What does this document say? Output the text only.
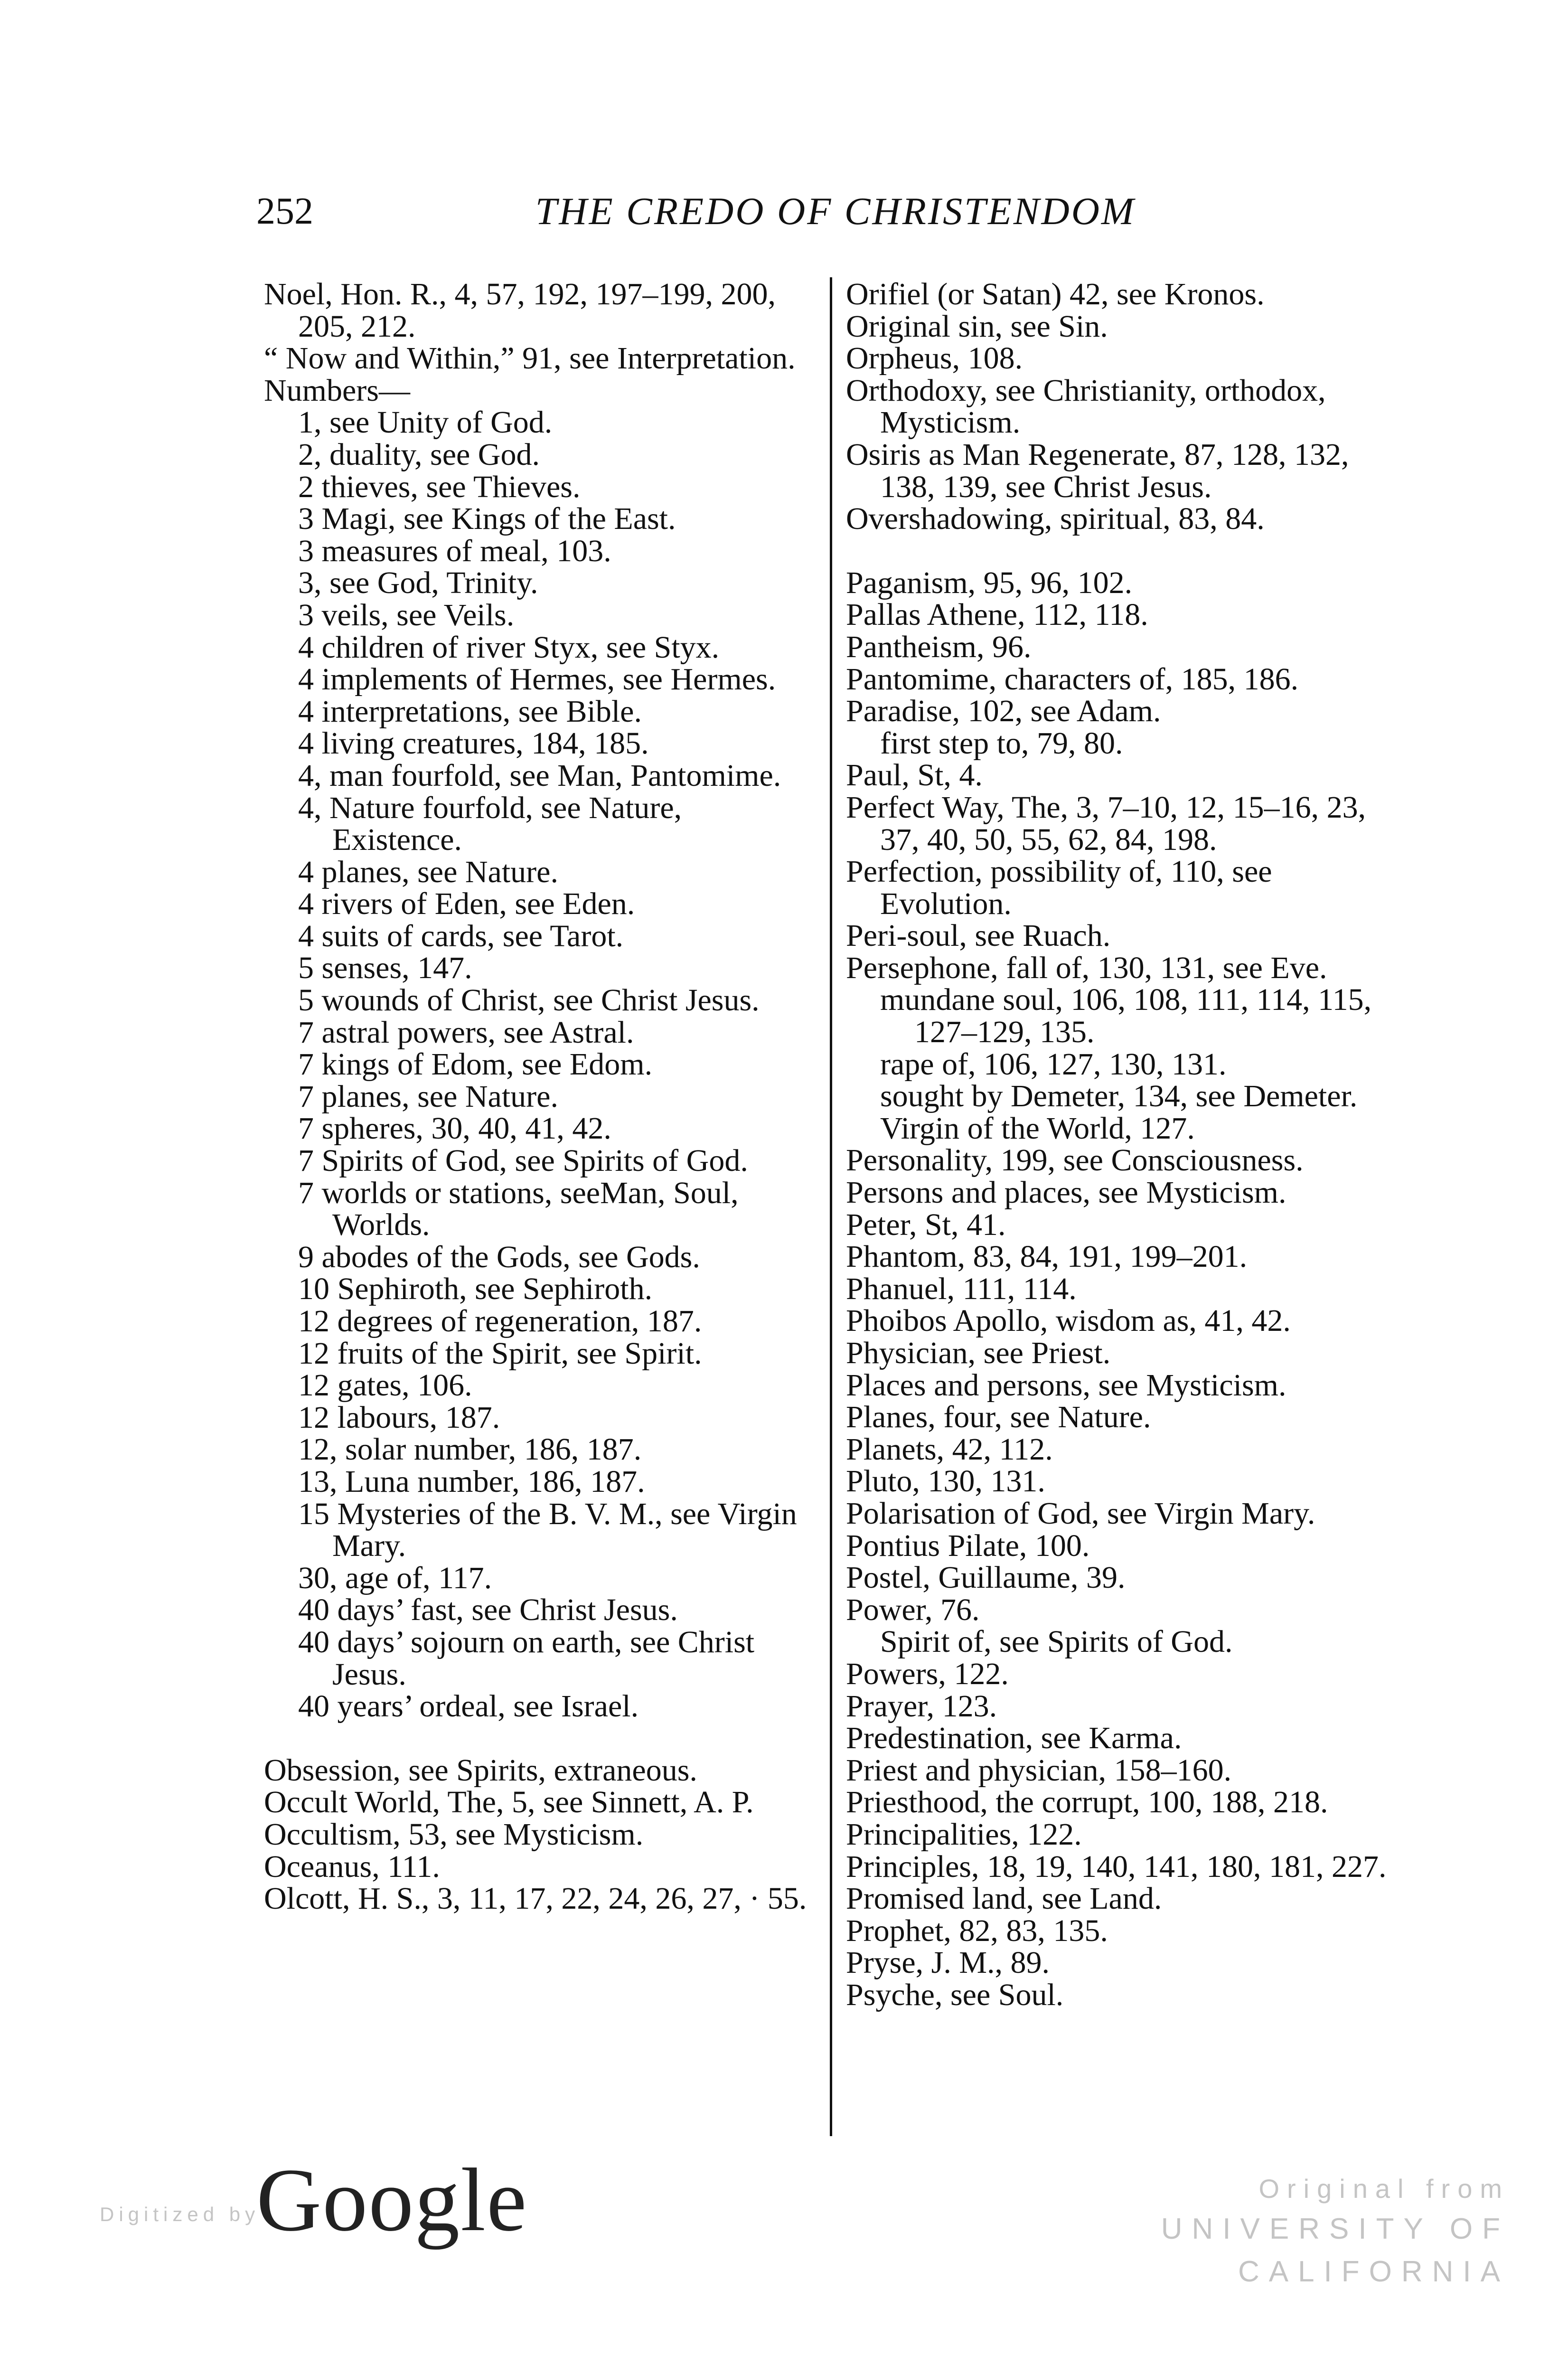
252	THE CREDO OF CHRISTENDOM
Noel, Hon. R., 4, 57, 192, 197–199, 200, 205, 212.
“ Now and Within,” 91, see Interpretation.
Numbers—
1, see Unity of God.
2, duality, see God.
2 thieves, see Thieves.
3 Magi, see Kings of the East.
3 measures of meal, 103.
3, see God, Trinity.
3 veils, see Veils.
4 children of river Styx, see Styx.
4 implements of Hermes, see Hermes.
4 interpretations, see Bible.
4 living creatures, 184, 185.
4, man fourfold, see Man, Pantomime.
4, Nature fourfold, see Nature, Existence.
4 planes, see Nature.
4 rivers of Eden, see Eden.
4 suits of cards, see Tarot.
5 senses, 147.
5 wounds of Christ, see Christ Jesus.
7 astral powers, see Astral.
7 kings of Edom, see Edom.
7 planes, see Nature.
7 spheres, 30, 40, 41, 42.
7 Spirits of God, see Spirits of God.
7 worlds or stations, seeMan, Soul, Worlds.
9 abodes of the Gods, see Gods.
10 Sephiroth, see Sephiroth.
12 degrees of regeneration, 187.
12 fruits of the Spirit, see Spirit.
12 gates, 106.
12 labours, 187.
12, solar number, 186, 187.
13, Luna number, 186, 187.
15 Mysteries of the B. V. M., see Virgin Mary.
30, age of, 117.
40 days’ fast, see Christ Jesus.
40 days’ sojourn on earth, see Christ Jesus.
40 years’ ordeal, see Israel.
Obsession, see Spirits, extraneous.
Occult World, The, 5, see Sinnett, A. P.
Occultism, 53, see Mysticism.
Oceanus, 111.
Olcott, H. S., 3, 11, 17, 22, 24, 26, 27, · 55.
Orifiel (or Satan) 42, see Kronos.
Original sin, see Sin.
Orpheus, 108.
Orthodoxy, see Christianity, orthodox, Mysticism.
Osiris as Man Regenerate, 87, 128, 132, 138, 139, see Christ Jesus.
Overshadowing, spiritual, 83, 84.
Paganism, 95, 96, 102.
Pallas Athene, 112, 118.
Pantheism, 96.
Pantomime, characters of, 185, 186.
Paradise, 102, see Adam.
first step to, 79, 80.
Paul, St, 4.
Perfect Way, The, 3, 7–10, 12, 15–16, 23, 37, 40, 50, 55, 62, 84, 198.
Perfection, possibility of, 110, see Evolution.
Peri-soul, see Ruach.
Persephone, fall of, 130, 131, see Eve.
mundane soul, 106, 108, 111, 114, 115, 127–129, 135.
rape of, 106, 127, 130, 131.
sought by Demeter, 134, see Demeter.
Virgin of the World, 127.
Personality, 199, see Consciousness.
Persons and places, see Mysticism.
Peter, St, 41.
Phantom, 83, 84, 191, 199–201.
Phanuel, 111, 114.
Phoibos Apollo, wisdom as, 41, 42.
Physician, see Priest.
Places and persons, see Mysticism.
Planes, four, see Nature.
Planets, 42, 112.
Pluto, 130, 131.
Polarisation of God, see Virgin Mary.
Pontius Pilate, 100.
Postel, Guillaume, 39.
Power, 76.
Spirit of, see Spirits of God.
Powers, 122.
Prayer, 123.
Predestination, see Karma.
Priest and physician, 158–160.
Priesthood, the corrupt, 100, 188, 218.
Principalities, 122.
Principles, 18, 19, 140, 141, 180, 181, 227.
Promised land, see Land.
Prophet, 82, 83, 135.
Pryse, J. M., 89.
Psyche, see Soul.
Digitized by
Google	Original from
UNIVERSITY OF CALIFORNIA
